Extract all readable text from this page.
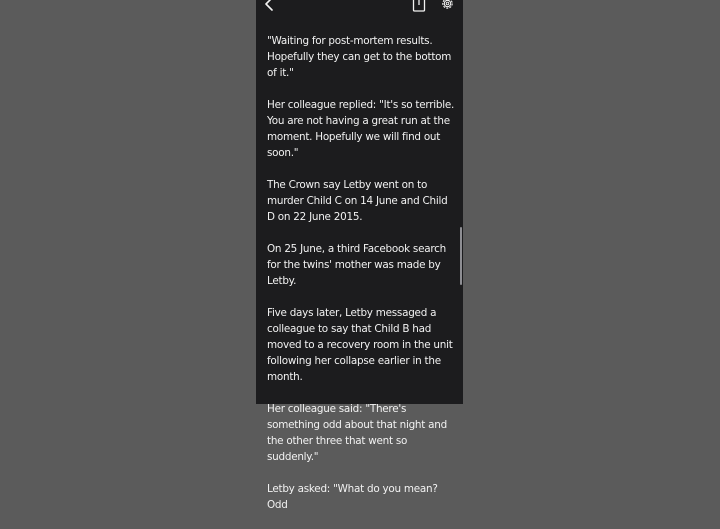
"Waiting for post-mortem results. Hopefully they can get to the bottom of it."

Her colleague replied: "It's so terrible. You are not having a great run at the moment. Hopefully we will find out soon."

The Crown say Letby went on to murder Child C on 14 June and Child D on 22 June 2015.

On 25 June, a third Facebook search for the twins' mother was made by Letby.

Five days later, Letby messaged a colleague to say that Child B had moved to a recovery room in the unit following her collapse earlier in the month.

Her colleague said: "There's something odd about that night and the other three that went so suddenly."

Letby asked: "What do you mean? Odd
